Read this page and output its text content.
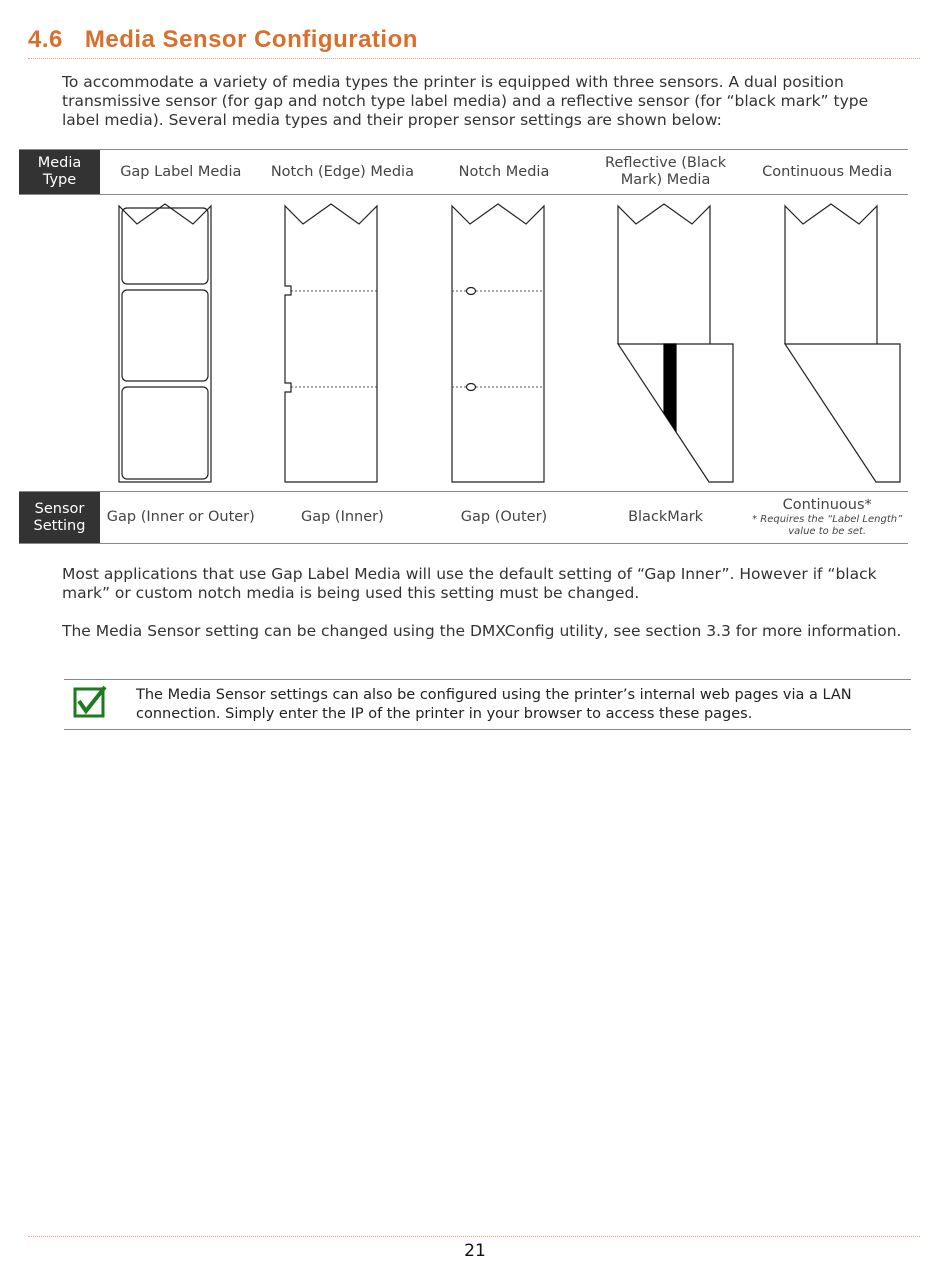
4.6 Media Sensor Configuration
To accommodate a variety of media types the printer is equipped with three sensors. A dual position transmissive sensor (for gap and notch type label media) and a reflective sensor (for “black mark” type label media). Several media types and their proper sensor settings are shown below:
Media Type	Gap Label Media	Notch (Edge) Media	Notch Media	Reflective (Black Mark) Media	Continuous Media
Sensor Setting	Gap (Inner or Outer)	Gap (Inner)	Gap (Outer)	BlackMark	Continuous*
* Requires the “Label Length” value to be set.
Most applications that use Gap Label Media will use the default setting of “Gap Inner”. However if “black mark” or custom notch media is being used this setting must be changed.
The Media Sensor setting can be changed using the DMXConfig utility, see section 3.3 for more information.
The Media Sensor settings can also be configured using the printer’s internal web pages via a LAN connection. Simply enter the IP of the printer in your browser to access these pages.
21
